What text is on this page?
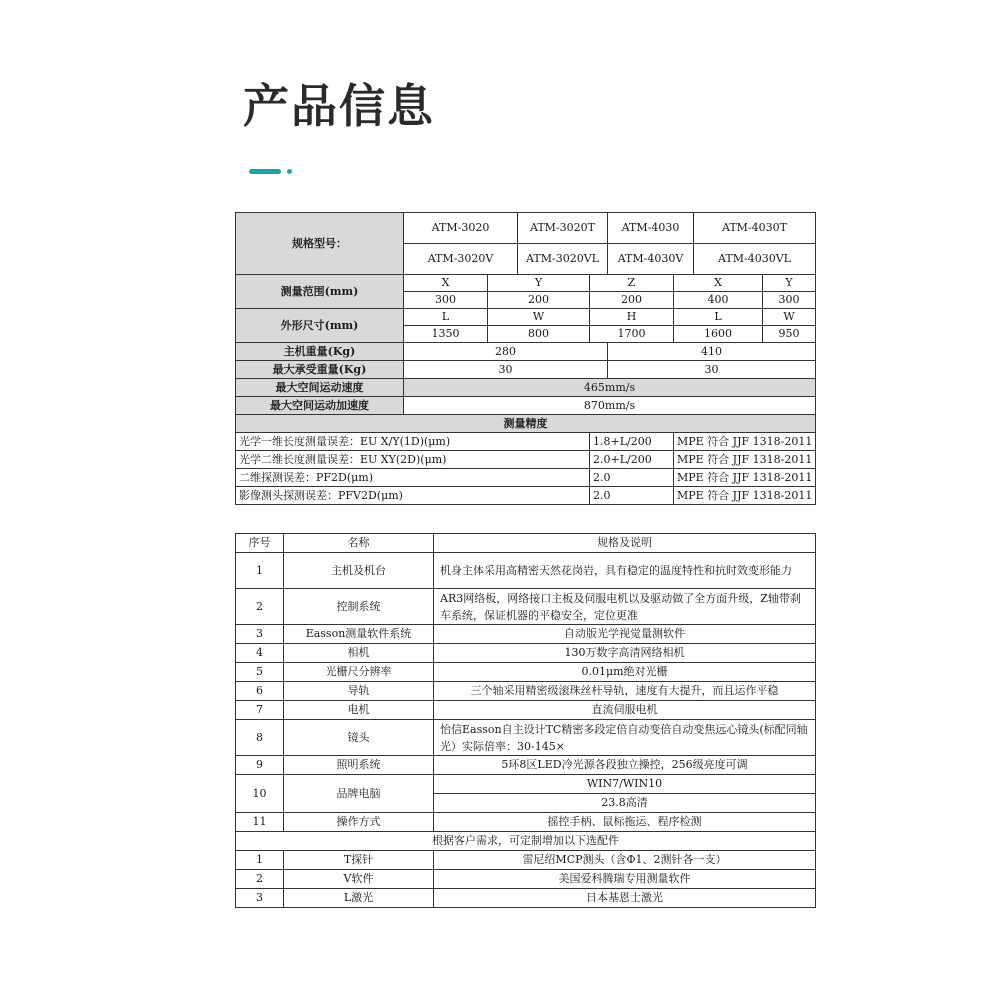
产品信息
规格型号：	ATM-3020		ATM-3020T		ATM-4030		ATM-4030T		
	ATM-3020V		ATM-3020VL		ATM-4030V		ATM-4030VL		
测量范围(mm)	X	Y		Z		X		Y	
	300	200		200		400		300	
外形尺寸(mm)	L	W		H		L		W	
	1350	800		1700		1600		950	
主机重量(Kg)	280				410				
最大承受重量(Kg)	30				30				
最大空间运动速度	465mm/s								
最大空间运动加速度	870mm/s								
测量精度									
光学一维长度测量误差：EU X/Y(1D)(μm)				1.8+L/200		MPE 符合 JJF 1318-2011			
光学二维长度测量误差：EU XY(2D)(μm)				2.0+L/200		MPE 符合 JJF 1318-2011			
二维探测误差：PF2D(μm)				2.0		MPE 符合 JJF 1318-2011			
影像测头探测误差：PFV2D(μm)				2.0		MPE 符合 JJF 1318-2011			
序号	名称	规格及说明
1	主机及机台	机身主体采用高精密天然花岗岩，具有稳定的温度特性和抗时效变形能力
2	控制系统	AR3网络板，网络接口主板及伺服电机以及驱动做了全方面升级，Z轴带刹车系统，保证机器的平稳安全，定位更准
3	Easson测量软件系统	自动版光学视觉量测软件
4	相机	130万数字高清网络相机
5	光栅尺分辨率	0.01μm绝对光栅
6	导轨	三个轴采用精密级滚珠丝杆导轨，速度有大提升，而且运作平稳
7	电机	直流伺服电机
8	镜头	怡信Easson自主设计TC精密多段定倍自动变倍自动变焦远心镜头(标配同轴光）实际倍率：30-145×
9	照明系统	5环8区LED冷光源各段独立操控，256级亮度可调
10	品牌电脑	WIN7/WIN10
		23.8高清
11	操作方式	摇控手柄、鼠标拖运、程序检测
根据客户需求，可定制增加以下选配件		
1	T探针	雷尼绍MCP测头（含Φ1、2测针各一支）
2	V软件	美国爱科腾瑞专用测量软件
3	L激光	日本基恩士激光
